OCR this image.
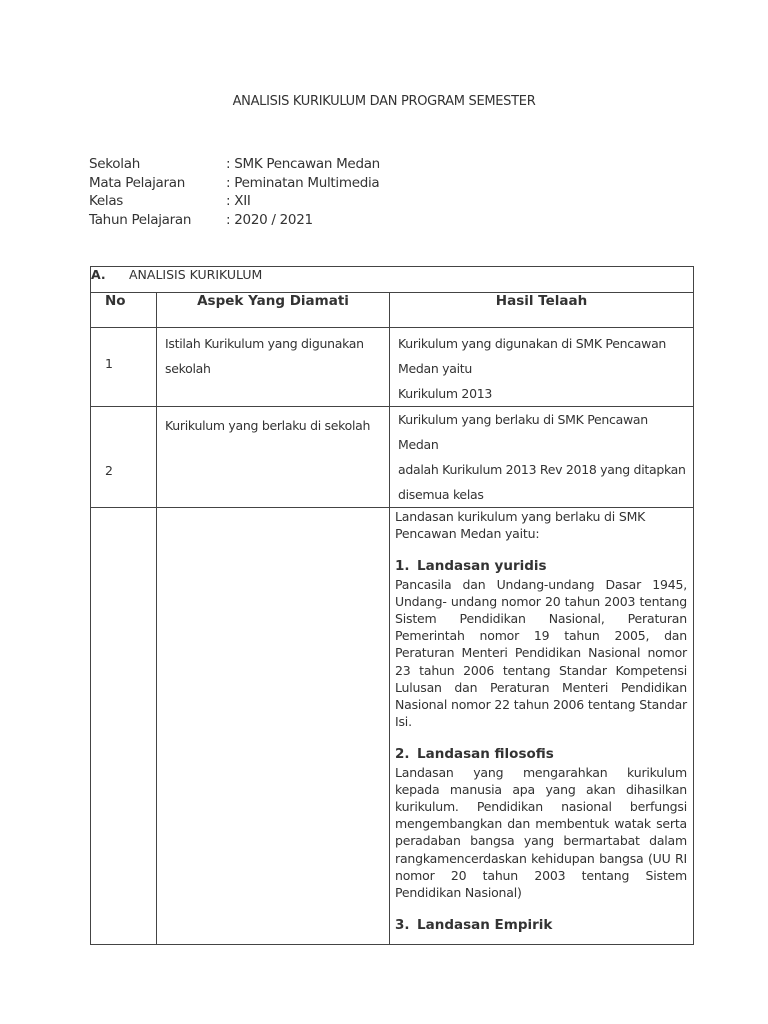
ANALISIS KURIKULUM DAN PROGRAM SEMESTER
Sekolah	: SMK Pencawan Medan
Mata Pelajaran	: Peminatan Multimedia
Kelas	: XII
Tahun Pelajaran	: 2020 / 2021
A. ANALISIS KURIKULUM		
No	Aspek Yang Diamati	Hasil Telaah
1	Istilah Kurikulum yang digunakan sekolah	Kurikulum yang digunakan di SMK Pencawan
Medan yaitu
Kurikulum 2013

2	Kurikulum yang berlaku di sekolah	Kurikulum yang berlaku di SMK Pencawan Medan
adalah Kurikulum 2013 Rev 2018 yang ditapkan
disemua kelas

Landasan kurikulum yang berlaku di SMK Pencawan Medan yaitu:
1. Landasan yuridis
Pancasila dan Undang-undang Dasar 1945, Undang- undang nomor 20 tahun 2003 tentang Sistem Pendidikan Nasional, Peraturan Pemerintah nomor 19 tahun 2005, dan Peraturan Menteri Pendidikan Nasional nomor 23 tahun 2006 tentang Standar Kompetensi Lulusan dan Peraturan Menteri Pendidikan Nasional nomor 22 tahun 2006 tentang Standar Isi.
2. Landasan filosofis
Landasan yang mengarahkan kurikulum kepada manusia apa yang akan dihasilkan kurikulum. Pendidikan nasional berfungsi mengembangkan dan membentuk watak serta peradaban bangsa yang bermartabat dalam rangkamencerdaskan kehidupan bangsa (UU RI nomor 20 tahun 2003 tentang Sistem Pendidikan Nasional)
3. Landasan Empirik
